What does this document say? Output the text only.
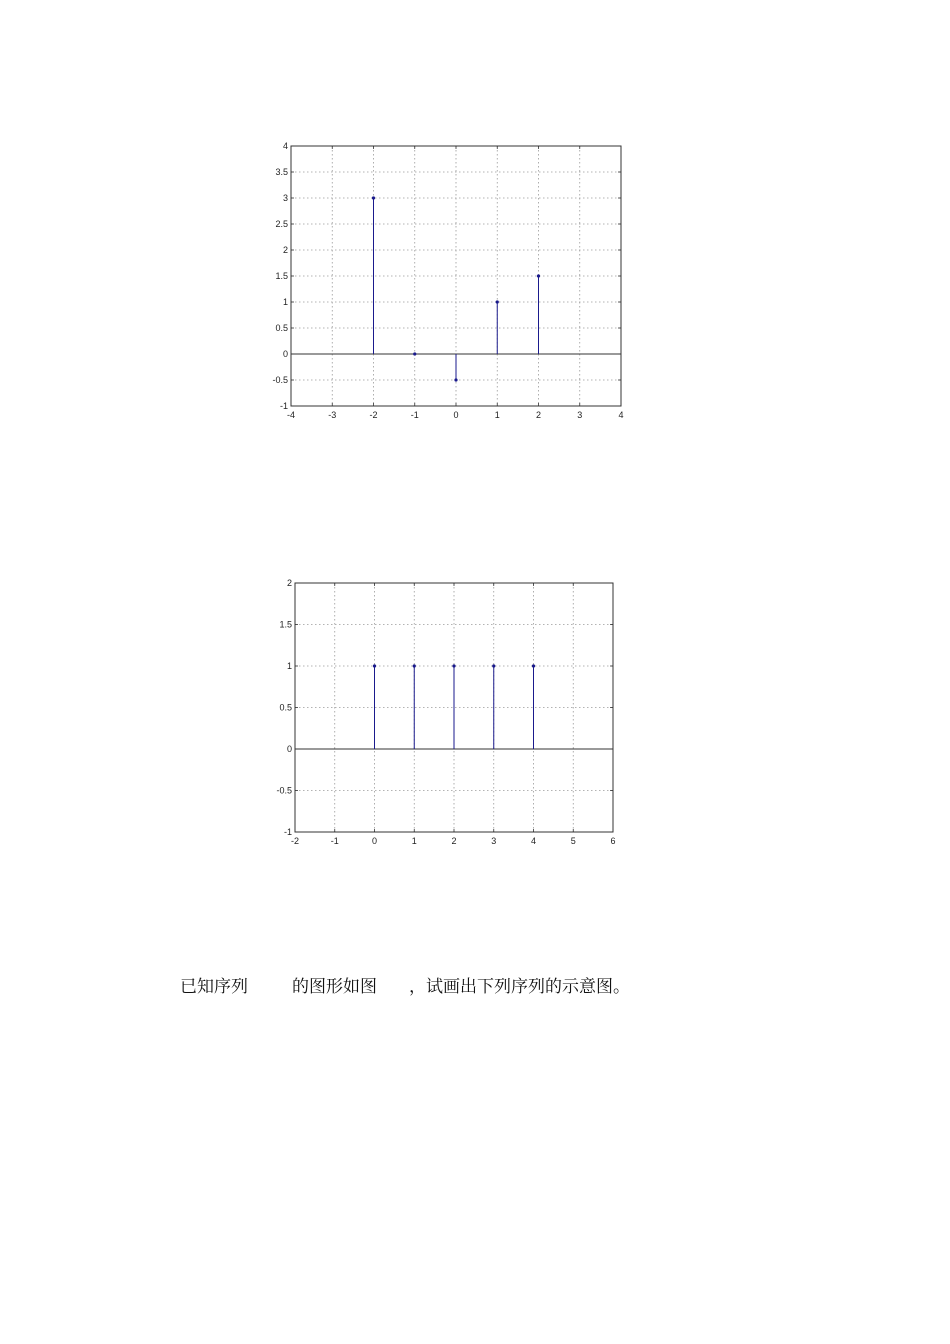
-4	-3	-2	-1	0	1	2	3	4
-1
-0.5
0
0.5
1
1.5
2
2.5
3
3.5
4
-2	-1	0	1	2	3	4	5	6
-1
-0.5
0
0.5
1
1.5
2
已知序列	的图形如图 ，试画出下列序列的示意图。
